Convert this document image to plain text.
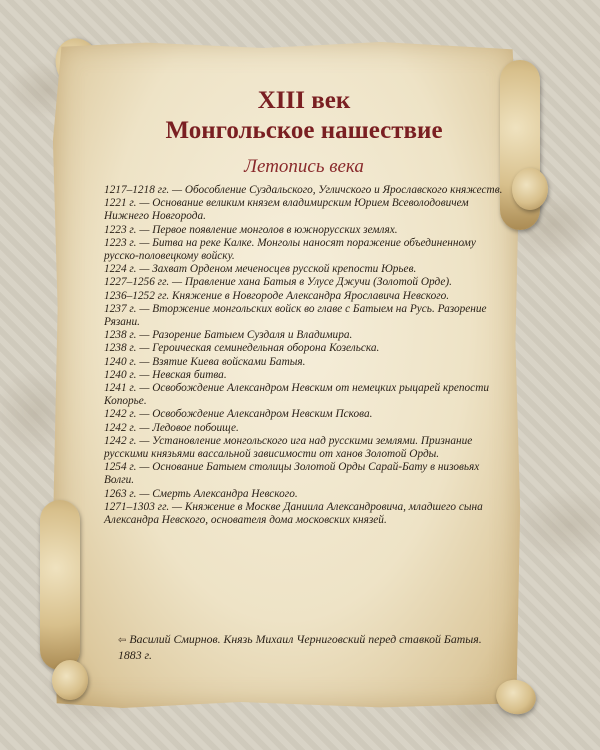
XIII век
Монгольское нашествие
Летопись века
1217–1218 гг. — Обособление Суздальского, Угличского и Ярославского княжеств.
1221 г. — Основание великим князем владимирским Юрием Всеволодовичем Нижнего Новгорода.
1223 г. — Первое появление монголов в южнорусских землях.
1223 г. — Битва на реке Калке. Монголы наносят поражение объединенному русско-половецкому войску.
1224 г. — Захват Орденом меченосцев русской крепости Юрьев.
1227–1256 гг. — Правление хана Батыя в Улусе Джучи (Золотой Орде).
1236–1252 гг. Княжение в Новгороде Александра Ярославича Невского.
1237 г. — Вторжение монгольских войск во главе с Батыем на Русь. Разорение Рязани.
1238 г. — Разорение Батыем Суздаля и Владимира.
1238 г. — Героическая семинедельная оборона Козельска.
1240 г. — Взятие Киева войсками Батыя.
1240 г. — Невская битва.
1241 г. — Освобождение Александром Невским от немецких рыцарей крепости Копорье.
1242 г. — Освобождение Александром Невским Пскова.
1242 г. — Ледовое побоище.
1242 г. — Установление монгольского ига над русскими землями. Признание русскими князьями вассальной зависимости от ханов Золотой Орды.
1254 г. — Основание Батыем столицы Золотой Орды Сарай-Бату в низовьях Волги.
1263 г. — Смерть Александра Невского.
1271–1303 гг. — Княжение в Москве Даниила Александровича, младшего сына Александра Невского, основателя дома московских князей.
⇦ Василий Смирнов. Князь Михаил Черниговский перед ставкой Батыя. 1883 г.
